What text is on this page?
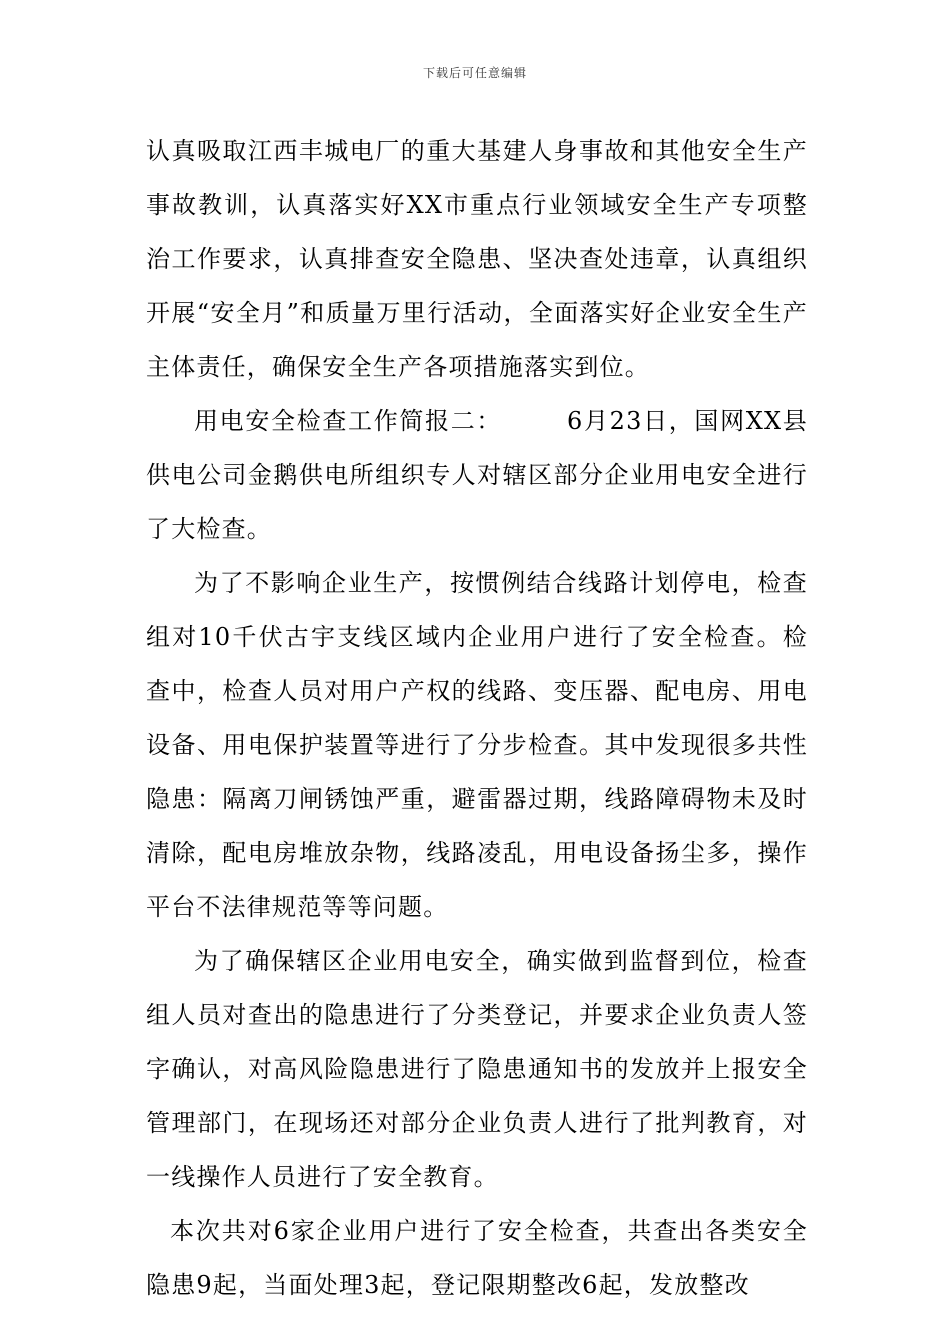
下载后可任意编辑

认真吸取江西丰城电厂的重大基建人身事故和其他安全生产事故教训，认真落实好XX市重点行业领域安全生产专项整治工作要求，认真排查安全隐患、坚决查处违章，认真组织开展“安全月”和质量万里行活动，全面落实好企业安全生产主体责任，确保安全生产各项措施落实到位。

用电安全检查工作简报二：　　　6月23日，国网XX县供电公司金鹅供电所组织专人对辖区部分企业用电安全进行了大检查。

为了不影响企业生产，按惯例结合线路计划停电，检查组对10千伏古宇支线区域内企业用户进行了安全检查。检查中，检查人员对用户产权的线路、变压器、配电房、用电设备、用电保护装置等进行了分步检查。其中发现很多共性隐患：隔离刀闸锈蚀严重，避雷器过期，线路障碍物未及时清除，配电房堆放杂物，线路凌乱，用电设备扬尘多，操作平台不法律规范等等问题。

为了确保辖区企业用电安全，确实做到监督到位，检查组人员对查出的隐患进行了分类登记，并要求企业负责人签字确认，对高风险隐患进行了隐患通知书的发放并上报安全管理部门，在现场还对部分企业负责人进行了批判教育，对一线操作人员进行了安全教育。

本次共对6家企业用户进行了安全检查，共查出各类安全隐患9起，当面处理3起，登记限期整改6起，发放整改
